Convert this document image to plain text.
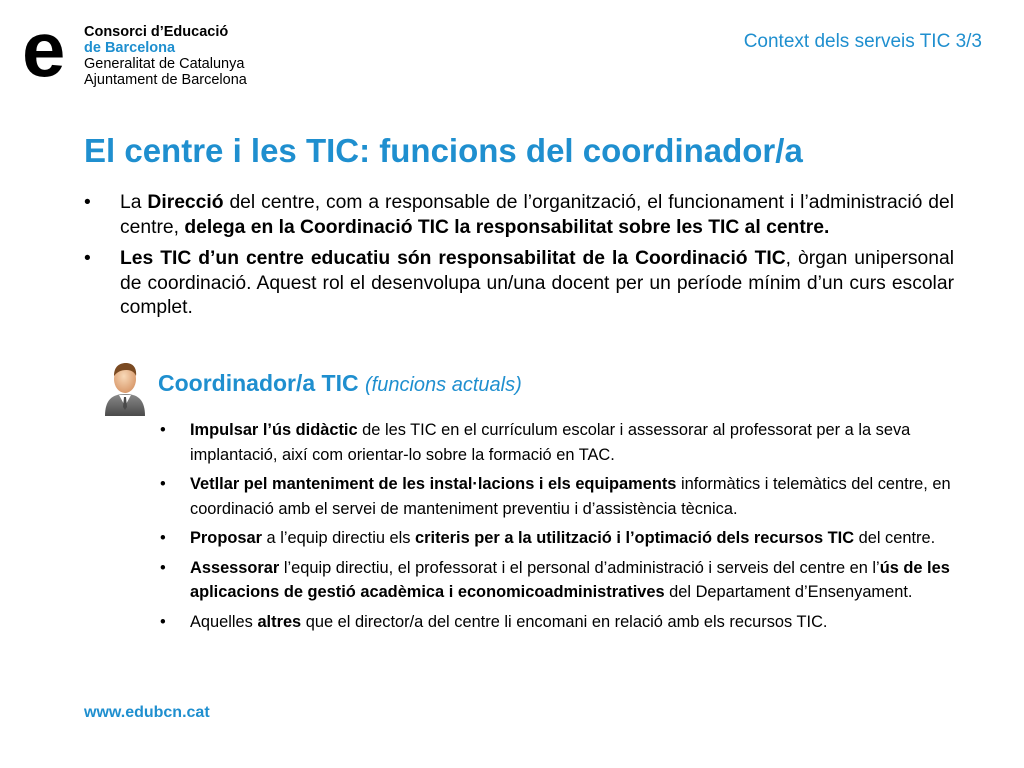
e Consorci d’Educació
de Barcelona
Generalitat de Catalunya
Ajuntament de Barcelona
Context dels serveis TIC 3/3
El centre i les TIC: funcions del coordinador/a
• La Direcció del centre, com a responsable de l’organització, el funcionament i l’administració del centre, delega en la Coordinació TIC la responsabilitat sobre les TIC al centre.
• Les TIC d’un centre educatiu són responsabilitat de la Coordinació TIC, òrgan unipersonal de coordinació. Aquest rol el desenvolupa un/una docent per un període mínim d’un curs escolar complet.
Coordinador/a TIC (funcions actuals)
• Impulsar l’ús didàctic de les TIC en el currículum escolar i assessorar al professorat per a la seva implantació, així com orientar-lo sobre la formació en TAC.
• Vetllar pel manteniment de les instal·lacions i els equipaments informàtics i telemàtics del centre, en coordinació amb el servei de manteniment preventiu i d’assistència tècnica.
• Proposar a l’equip directiu els criteris per a la utilització i l’optimació dels recursos TIC del centre.
• Assessorar l’equip directiu, el professorat i el personal d’administració i serveis del centre en l’ús de les aplicacions de gestió acadèmica i economicoadministratives del Departament d’Ensenyament.
• Aquelles altres que el director/a del centre li encomani en relació amb els recursos TIC.
www.edubcn.cat
